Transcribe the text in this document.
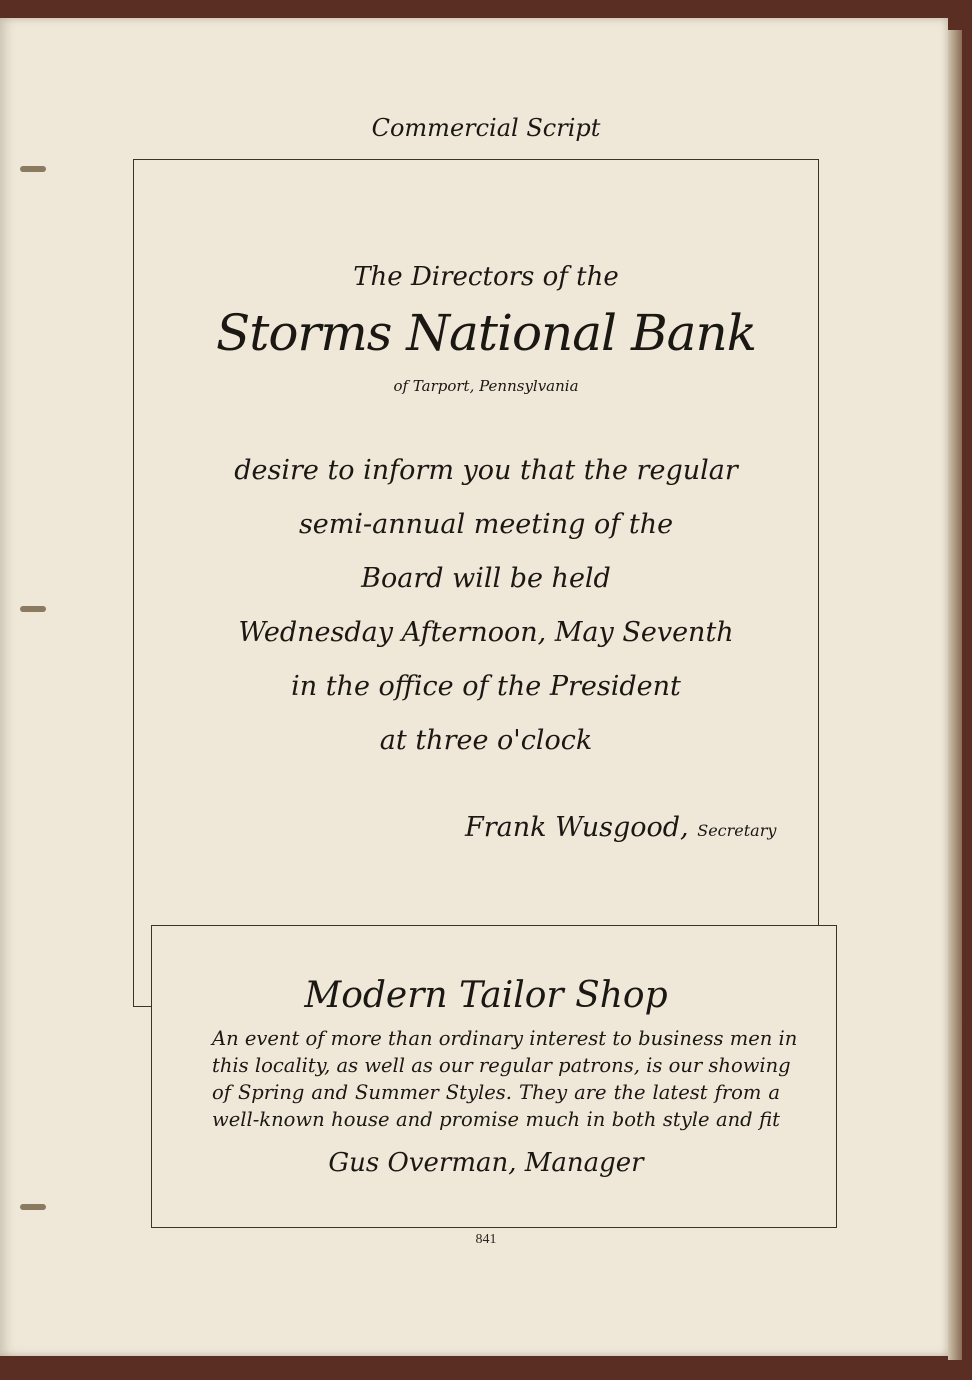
Commercial Script
The Directors of the
Storms National Bank
of Tarport, Pennsylvania
desire to inform you that the regular
semi-annual meeting of the
Board will be held
Wednesday Afternoon, May Seventh
in the office of the President
at three o'clock
Frank Wusgood, Secretary
Modern Tailor Shop
An event of more than ordinary interest to business men in
this locality, as well as our regular patrons, is our showing
of Spring and Summer Styles. They are the latest from a
well-known house and promise much in both style and fit
Gus Overman, Manager
841
